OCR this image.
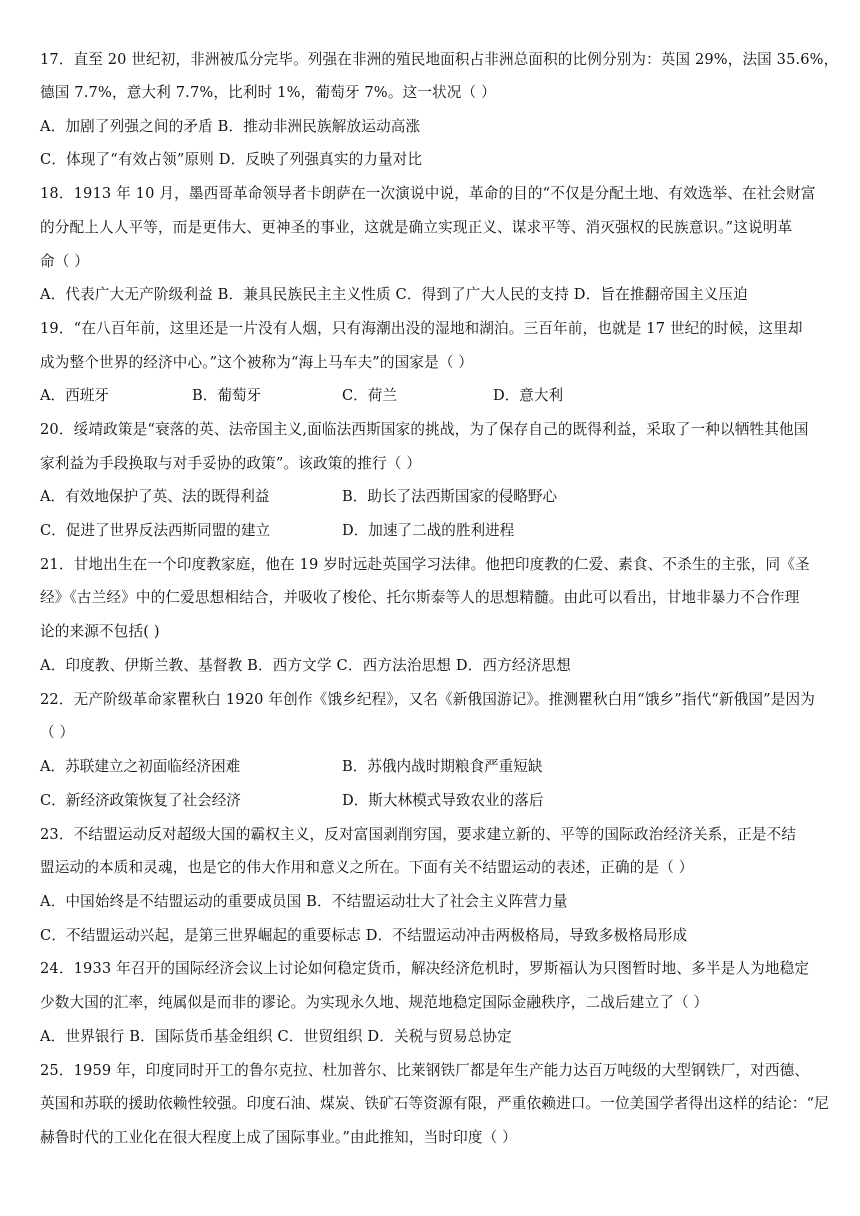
17．直至 20 世纪初，非洲被瓜分完毕。列强在非洲的殖民地面积占非洲总面积的比例分别为：英国 29%，法国 35.6%，
德国 7.7%，意大利 7.7%，比利时 1%，葡萄牙 7%。这一状况（ ）
A．加剧了列强之间的矛盾 B．推动非洲民族解放运动高涨
C．体现了“有效占领”原则 D．反映了列强真实的力量对比
18．1913 年 10 月，墨西哥革命领导者卡朗萨在一次演说中说，革命的目的“不仅是分配土地、有效选举、在社会财富
的分配上人人平等，而是更伟大、更神圣的事业，这就是确立实现正义、谋求平等、消灭强权的民族意识。”这说明革
命（ ）
A．代表广大无产阶级利益 B．兼具民族民主主义性质 C．得到了广大人民的支持 D．旨在推翻帝国主义压迫
19．“在八百年前，这里还是一片没有人烟，只有海潮出没的湿地和湖泊。三百年前，也就是 17 世纪的时候，这里却
成为整个世界的经济中心。”这个被称为“海上马车夫”的国家是（ ）
A．西班牙	B．葡萄牙	C．荷兰	D．意大利
20．绥靖政策是“衰落的英、法帝国主义,面临法西斯国家的挑战，为了保存自己的既得利益，采取了一种以牺牲其他国
家利益为手段换取与对手妥协的政策”。该政策的推行（ ）
A．有效地保护了英、法的既得利益	B．助长了法西斯国家的侵略野心
C．促进了世界反法西斯同盟的建立	D．加速了二战的胜利进程
21．甘地出生在一个印度教家庭，他在 19 岁时远赴英国学习法律。他把印度教的仁爱、素食、不杀生的主张，同《圣
经》《古兰经》中的仁爱思想相结合，并吸收了梭伦、托尔斯泰等人的思想精髓。由此可以看出，甘地非暴力不合作理
论的来源不包括( )
A．印度教、伊斯兰教、基督教 B．西方文学 C．西方法治思想 D．西方经济思想
22．无产阶级革命家瞿秋白 1920 年创作《饿乡纪程》，又名《新俄国游记》。推测瞿秋白用“饿乡”指代“新俄国”是因为
（ ）
A．苏联建立之初面临经济困难	B．苏俄内战时期粮食严重短缺
C．新经济政策恢复了社会经济	D．斯大林模式导致农业的落后
23．不结盟运动反对超级大国的霸权主义，反对富国剥削穷国，要求建立新的、平等的国际政治经济关系，正是不结
盟运动的本质和灵魂，也是它的伟大作用和意义之所在。下面有关不结盟运动的表述，正确的是（ ）
A．中国始终是不结盟运动的重要成员国 B．不结盟运动壮大了社会主义阵营力量
C．不结盟运动兴起，是第三世界崛起的重要标志 D．不结盟运动冲击两极格局，导致多极格局形成
24．1933 年召开的国际经济会议上讨论如何稳定货币，解决经济危机时，罗斯福认为只图暂时地、多半是人为地稳定
少数大国的汇率，纯属似是而非的谬论。为实现永久地、规范地稳定国际金融秩序，二战后建立了（ ）
A．世界银行 B．国际货币基金组织 C．世贸组织 D．关税与贸易总协定
25．1959 年，印度同时开工的鲁尔克拉、杜加普尔、比莱钢铁厂都是年生产能力达百万吨级的大型钢铁厂，对西德、
英国和苏联的援助依赖性较强。印度石油、煤炭、铁矿石等资源有限，严重依赖进口。一位美国学者得出这样的结论：“尼
赫鲁时代的工业化在很大程度上成了国际事业。”由此推知，当时印度（ ）
